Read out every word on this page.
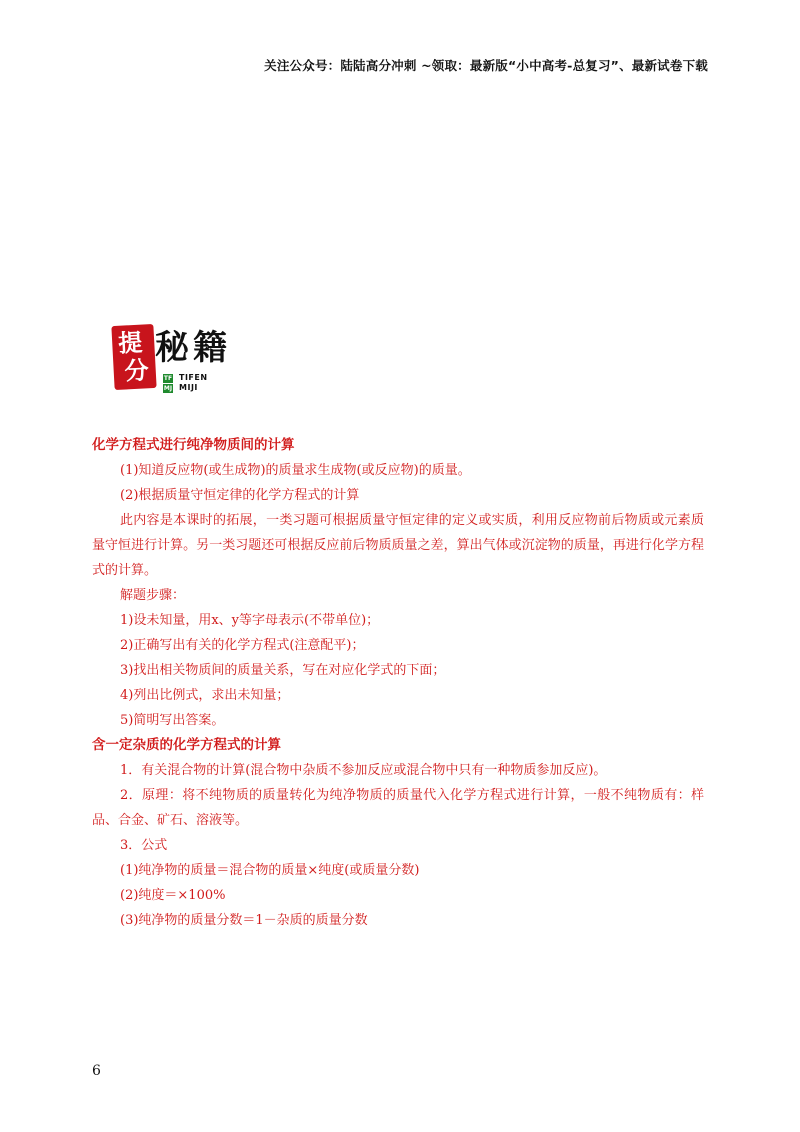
关注公众号：陆陆高分冲刺 ~领取：最新版“小中高考-总复习”、最新试卷下载
提
分
秘籍
TF
MJ
TIFEN
MIJI
化学方程式进行纯净物质间的计算
(1)知道反应物(或生成物)的质量求生成物(或反应物)的质量。
(2)根据质量守恒定律的化学方程式的计算
此内容是本课时的拓展，一类习题可根据质量守恒定律的定义或实质，利用反应物前后物质或元素质量守恒进行计算。另一类习题还可根据反应前后物质质量之差，算出气体或沉淀物的质量，再进行化学方程式的计算。
解题步骤：
1)设未知量，用x、y等字母表示(不带单位)；
2)正确写出有关的化学方程式(注意配平)；
3)找出相关物质间的质量关系，写在对应化学式的下面；
4)列出比例式，求出未知量；
5)简明写出答案。
含一定杂质的化学方程式的计算
1．有关混合物的计算(混合物中杂质不参加反应或混合物中只有一种物质参加反应)。
2．原理：将不纯物质的质量转化为纯净物质的质量代入化学方程式进行计算，一般不纯物质有：样品、合金、矿石、溶液等。
3．公式
(1)纯净物的质量＝混合物的质量×纯度(或质量分数)
(2)纯度＝×100%
(3)纯净物的质量分数＝1－杂质的质量分数
6
